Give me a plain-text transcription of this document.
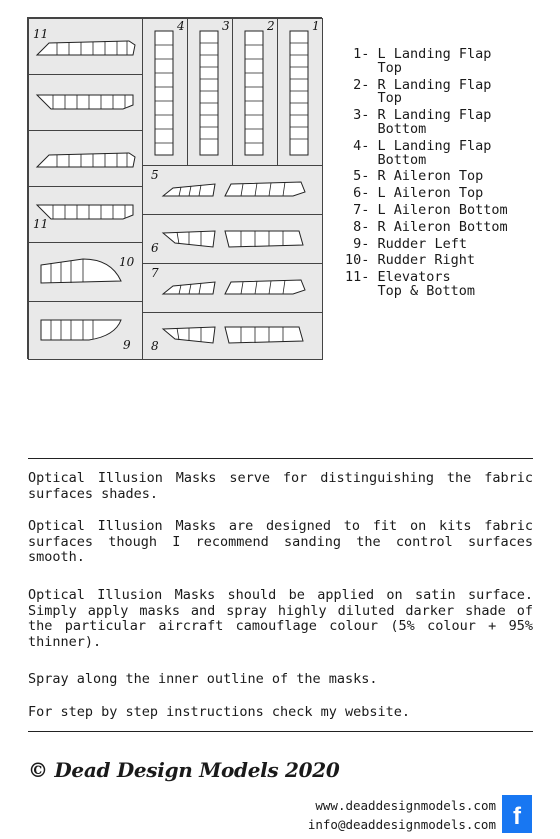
11
11
10
9
4	3	2	1
5
6
7
8
1- L Landing Flap
Top
2- R Landing Flap
Top
3- R Landing Flap
Bottom
4- L Landing Flap
Bottom
5- R Aileron Top
6- L Aileron Top
7- L Aileron Bottom
8- R Aileron Bottom
9- Rudder Left
10- Rudder Right
11- Elevators
Top & Bottom
Optical Illusion Masks serve for distinguishing the fabric surfaces shades.
Optical Illusion Masks are designed to fit on kits fabric surfaces though I recommend sanding the control surfaces smooth.
Optical Illusion Masks should be applied on satin surface. Simply apply masks and spray highly diluted darker shade of the particular aircraft camouflage colour (5% colour + 95% thinner).
Spray along the inner outline of the masks.
For step by step instructions check my website.
© Dead Design Models 2020
www.deaddesignmodels.com
info@deaddesignmodels.com f
